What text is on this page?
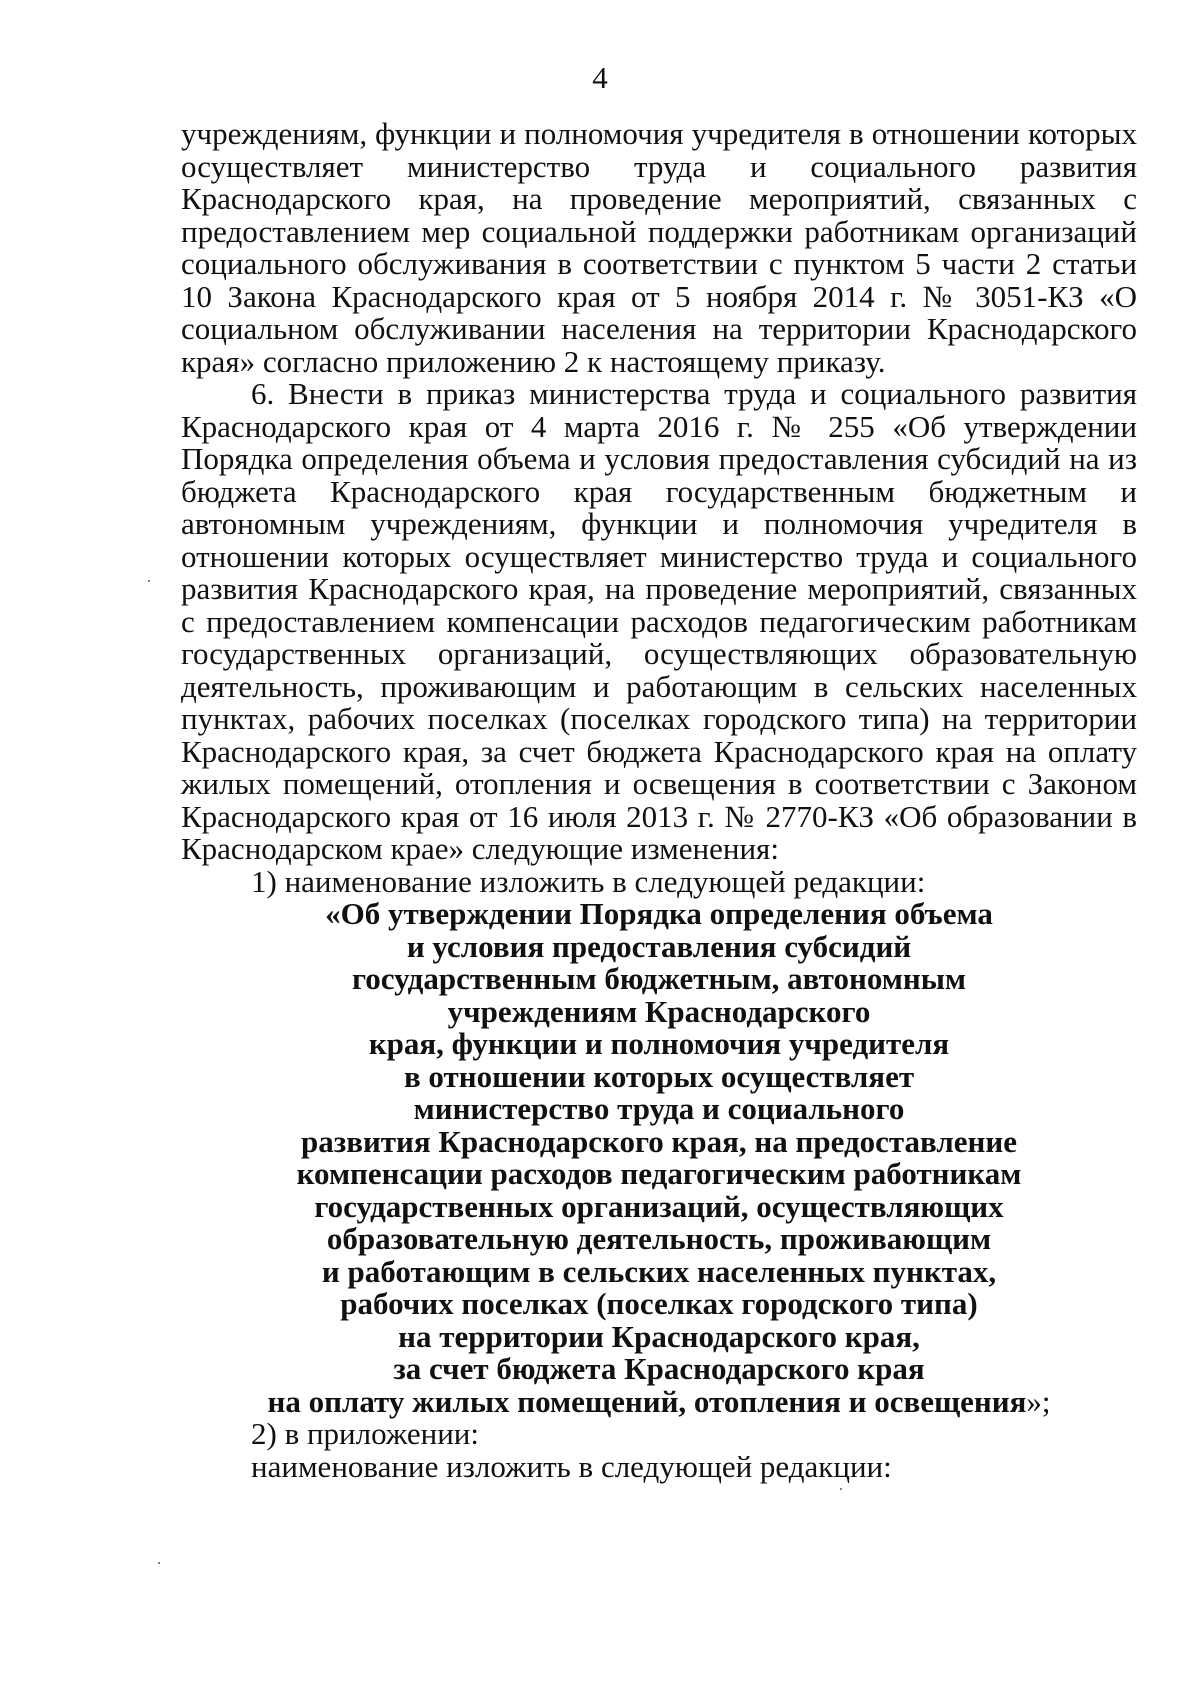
4

учреждениям, функции и полномочия учредителя в отношении которых осуществляет министерство труда и социального развития Краснодарского края, на проведение мероприятий, связанных с предоставлением мер социальной поддержки работникам организаций социального обслуживания в соответствии с пунктом 5 части 2 статьи 10 Закона Краснодарского края от 5 ноября 2014 г. № 3051-КЗ «О социальном обслуживании населения на территории Краснодарского края» согласно приложению 2 к настоящему приказу.

6. Внести в приказ министерства труда и социального развития Краснодарского края от 4 марта 2016 г. № 255 «Об утверждении Порядка определения объема и условия предоставления субсидий на из бюджета Краснодарского края государственным бюджетным и автономным учреждениям, функции и полномочия учредителя в отношении которых осуществляет министерство труда и социального развития Краснодарского края, на проведение мероприятий, связанных с предоставлением компенсации расходов педагогическим работникам государственных организаций, осуществляющих образовательную деятельность, проживающим и работающим в сельских населенных пунктах, рабочих поселках (поселках городского типа) на территории Краснодарского края, за счет бюджета Краснодарского края на оплату жилых помещений, отопления и освещения в соответствии с Законом Краснодарского края от 16 июля 2013 г. № 2770-КЗ «Об образовании в Краснодарском крае» следующие изменения:

1) наименование изложить в следующей редакции:

«Об утверждении Порядка определения объема
и условия предоставления субсидий
государственным бюджетным, автономным
учреждениям Краснодарского
края, функции и полномочия учредителя
в отношении которых осуществляет
министерство труда и социального
развития Краснодарского края, на предоставление
компенсации расходов педагогическим работникам
государственных организаций, осуществляющих
образовательную деятельность, проживающим
и работающим в сельских населенных пунктах,
рабочих поселках (поселках городского типа)
на территории Краснодарского края,
за счет бюджета Краснодарского края
на оплату жилых помещений, отопления и освещения»;

2) в приложении:

наименование изложить в следующей редакции:
